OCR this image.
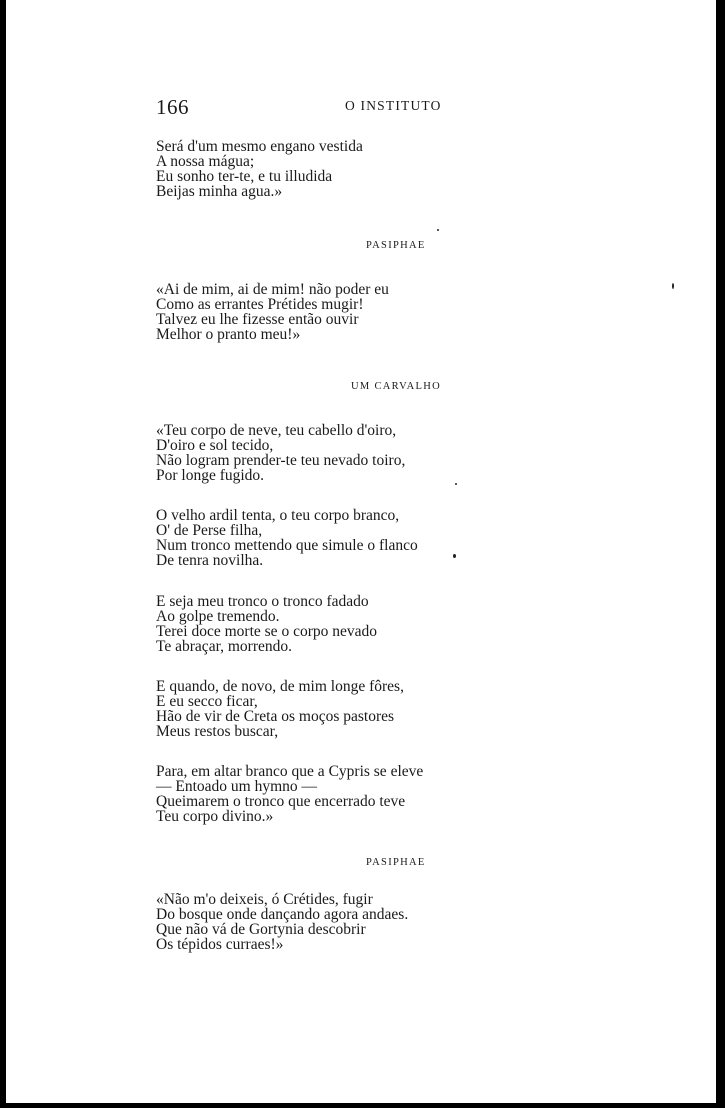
166	O INSTITUTO
Será d'um mesmo engano vestida
A nossa mágua;
Eu sonho ter-te, e tu illudida
Beijas minha agua.»
PASIPHAE
«Ai de mim, ai de mim! não poder eu
Como as errantes Prétides mugir!
Talvez eu lhe fizesse então ouvir
Melhor o pranto meu!»
UM CARVALHO
«Teu corpo de neve, teu cabello d'oiro,
D'oiro e sol tecido,
Não logram prender-te teu nevado toiro,
Por longe fugido.
O velho ardil tenta, o teu corpo branco,
O' de Perse filha,
Num tronco mettendo que simule o flanco
De tenra novilha.
E seja meu tronco o tronco fadado
Ao golpe tremendo.
Terei doce morte se o corpo nevado
Te abraçar, morrendo.
E quando, de novo, de mim longe fôres,
E eu secco ficar,
Hão de vir de Creta os moços pastores
Meus restos buscar,
Para, em altar branco que a Cypris se eleve
— Entoado um hymno —
Queimarem o tronco que encerrado teve
Teu corpo divino.»
PASIPHAE
«Não m'o deixeis, ó Crétides, fugir
Do bosque onde dançando agora andaes.
Que não vá de Gortynia descobrir
Os tépidos curraes!»
